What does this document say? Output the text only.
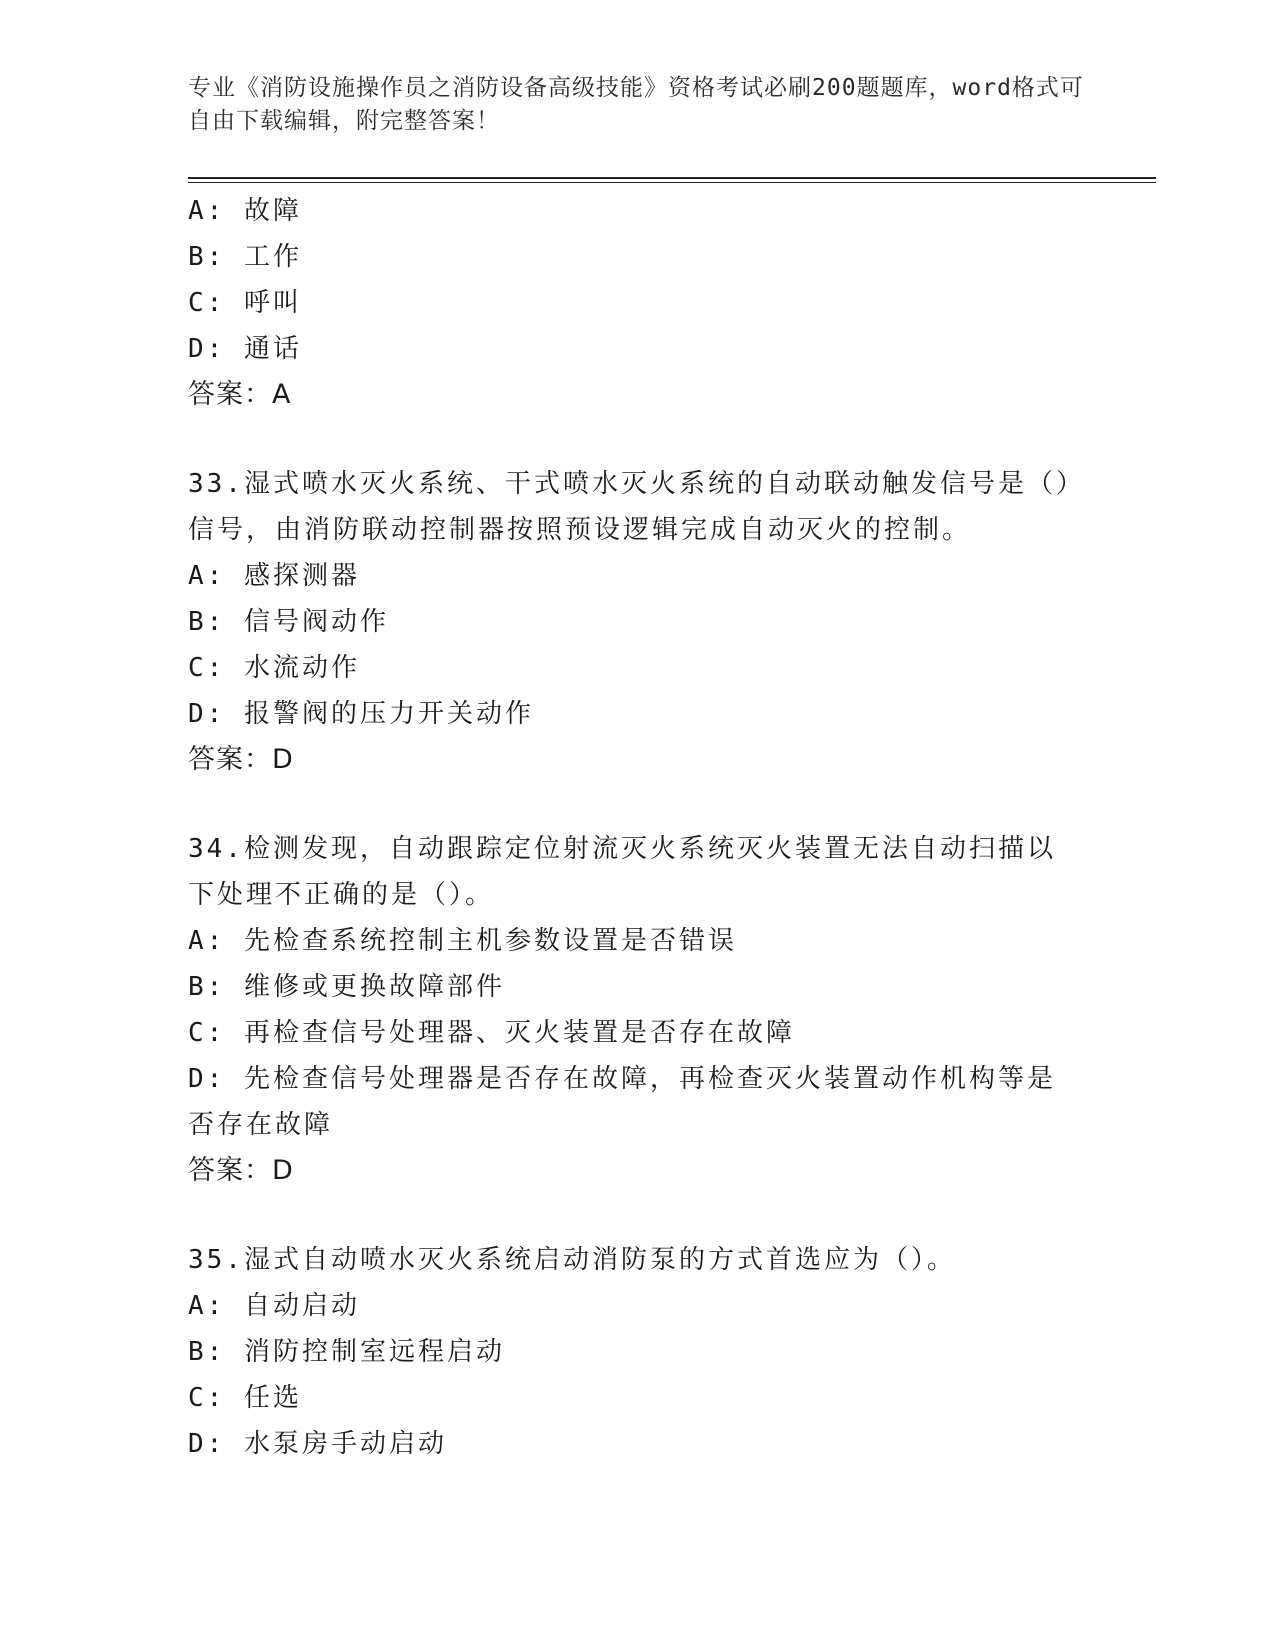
专业《消防设施操作员之消防设备高级技能》资格考试必刷200题题库，word格式可自由下载编辑，附完整答案！
A: 故障
B: 工作
C: 呼叫
D: 通话
答案：A
33.湿式喷水灭火系统、干式喷水灭火系统的自动联动触发信号是（）信号，由消防联动控制器按照预设逻辑完成自动灭火的控制。
A: 感探测器
B: 信号阀动作
C: 水流动作
D: 报警阀的压力开关动作
答案：D
34.检测发现，自动跟踪定位射流灭火系统灭火装置无法自动扫描以下处理不正确的是（）。
A: 先检查系统控制主机参数设置是否错误
B: 维修或更换故障部件
C: 再检查信号处理器、灭火装置是否存在故障
D: 先检查信号处理器是否存在故障，再检查灭火装置动作机构等是否存在故障
答案：D
35.湿式自动喷水灭火系统启动消防泵的方式首选应为（）。
A: 自动启动
B: 消防控制室远程启动
C: 任选
D: 水泵房手动启动
